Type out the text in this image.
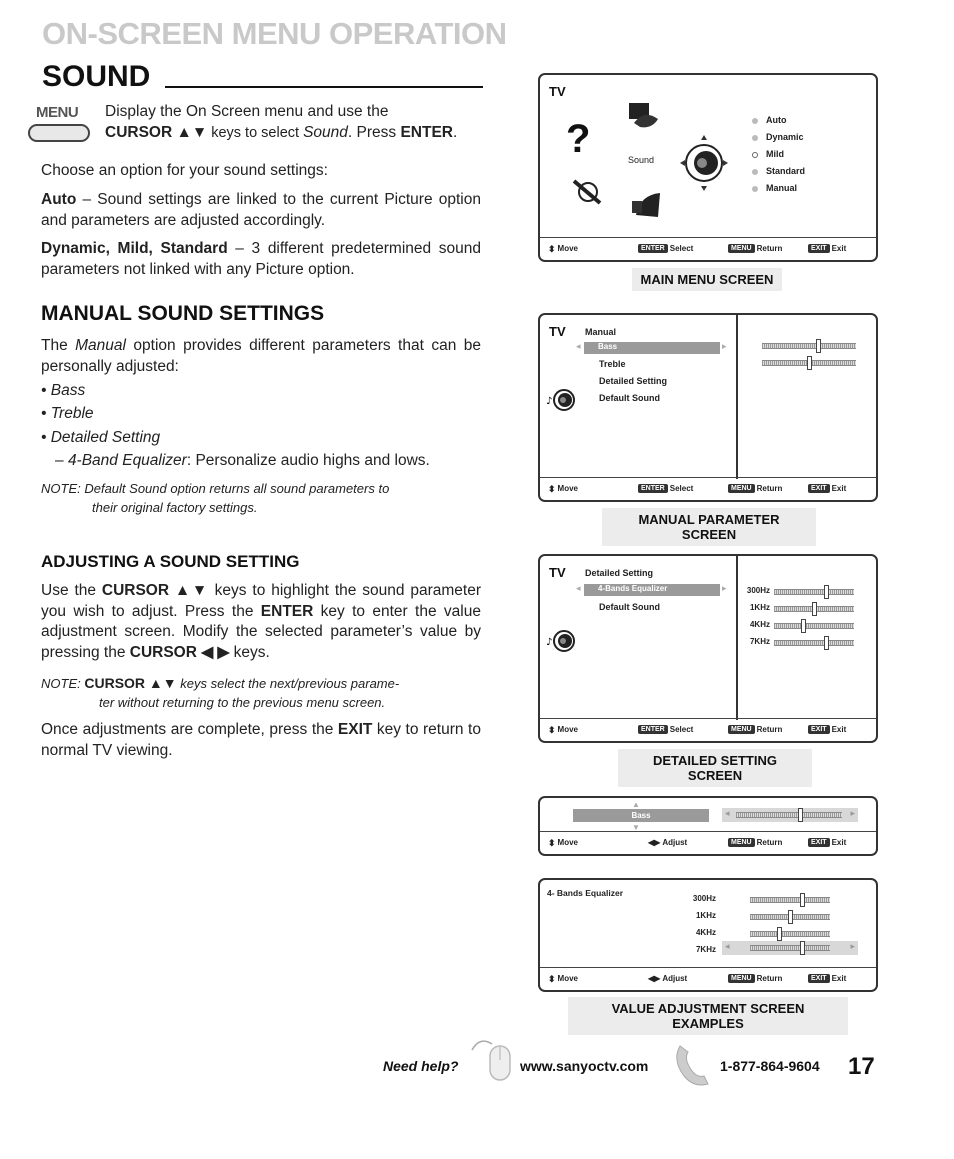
ON-SCREEN MENU OPERATION
SOUND
MENU Display the On Screen menu and use the
CURSOR ▲▼ keys to select Sound. Press ENTER.
Choose an option for your sound settings:
Auto – Sound settings are linked to the current Picture option and parameters are adjusted accordingly.
Dynamic, Mild, Standard – 3 different predetermined sound parameters not linked with any Picture option.
MANUAL SOUND SETTINGS
The Manual option provides different parameters that can be personally adjusted:
• Bass
• Treble
• Detailed Setting
– 4-Band Equalizer: Personalize audio highs and lows.
NOTE: Default Sound option returns all sound parameters to
their original factory settings.
ADJUSTING A SOUND SETTING
Use the CURSOR ▲▼ keys to highlight the sound parameter you wish to adjust. Press the ENTER key to enter the value adjustment screen. Modify the selected parameter’s value by pressing the CURSOR ◀ ▶ keys.
NOTE: CURSOR ▲▼ keys select the next/previous parame-
ter without returning to the previous menu screen.
Once adjustments are complete, press the EXIT key to return to normal TV viewing.
TV
?	Sound
Auto
Dynamic
Mild
Standard
Manual
⬍ Move	ENTER Select	MENU Return	EXIT Exit
MAIN MENU SCREEN
TV Manual
Bass
◂	▸
Treble
Detailed Setting
Default Sound
♪
⬍ Move	ENTER Select	MENU Return	EXIT Exit
MANUAL PARAMETER SCREEN
TV Detailed Setting
4-Bands Equalizer
◂	▸
Default Sound
♪
300Hz
1KHz
4KHz
7KHz
⬍ Move	ENTER Select	MENU Return	EXIT Exit
DETAILED SETTING SCREEN
▲
Bass
▼
◂	▸
⬍ Move	◀▶ Adjust	MENU Return	EXIT Exit
4- Bands Equalizer
300Hz
1KHz
4KHz
7KHz ◂	▸
⬍ Move	◀▶ Adjust	MENU Return	EXIT Exit
VALUE ADJUSTMENT SCREEN EXAMPLES
Need help?	www.sanyoctv.com	1-877-864-9604 17
